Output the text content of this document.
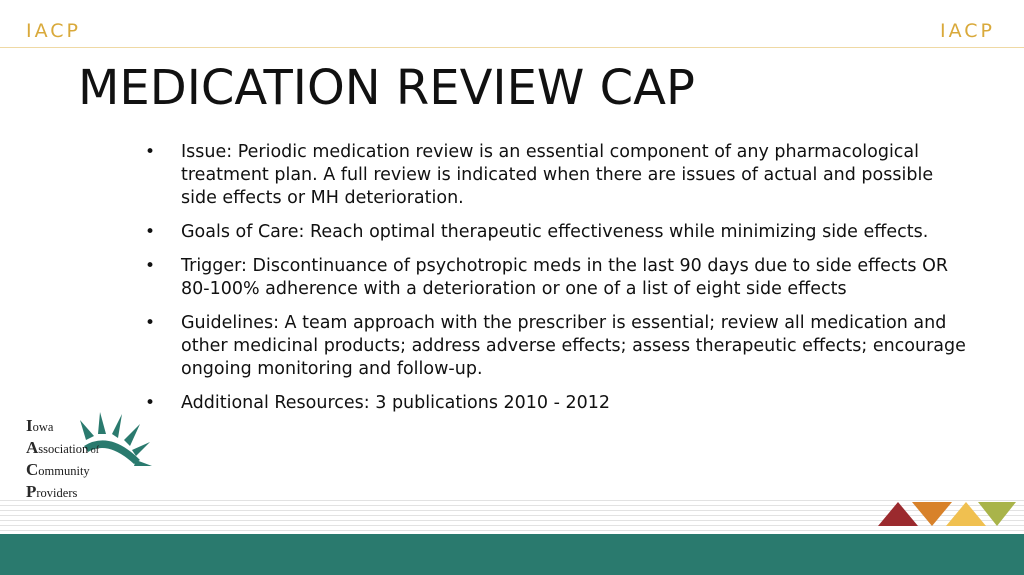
IACP	IACP
MEDICATION REVIEW CAP
• Issue: Periodic medication review is an essential component of any pharmacological treatment plan. A full review is indicated when there are issues of actual and possible side effects or MH deterioration.
• Goals of Care: Reach optimal therapeutic effectiveness while minimizing side effects.
• Trigger: Discontinuance of psychotropic meds in the last 90 days due to side effects OR 80-100% adherence with a deterioration or one of a list of eight side effects
• Guidelines: A team approach with the prescriber is essential; review all medication and other medicinal products; address adverse effects; assess therapeutic effects; encourage ongoing monitoring and follow-up.
• Additional Resources: 3 publications 2010 - 2012
Iowa
Association of
Community
Providers
